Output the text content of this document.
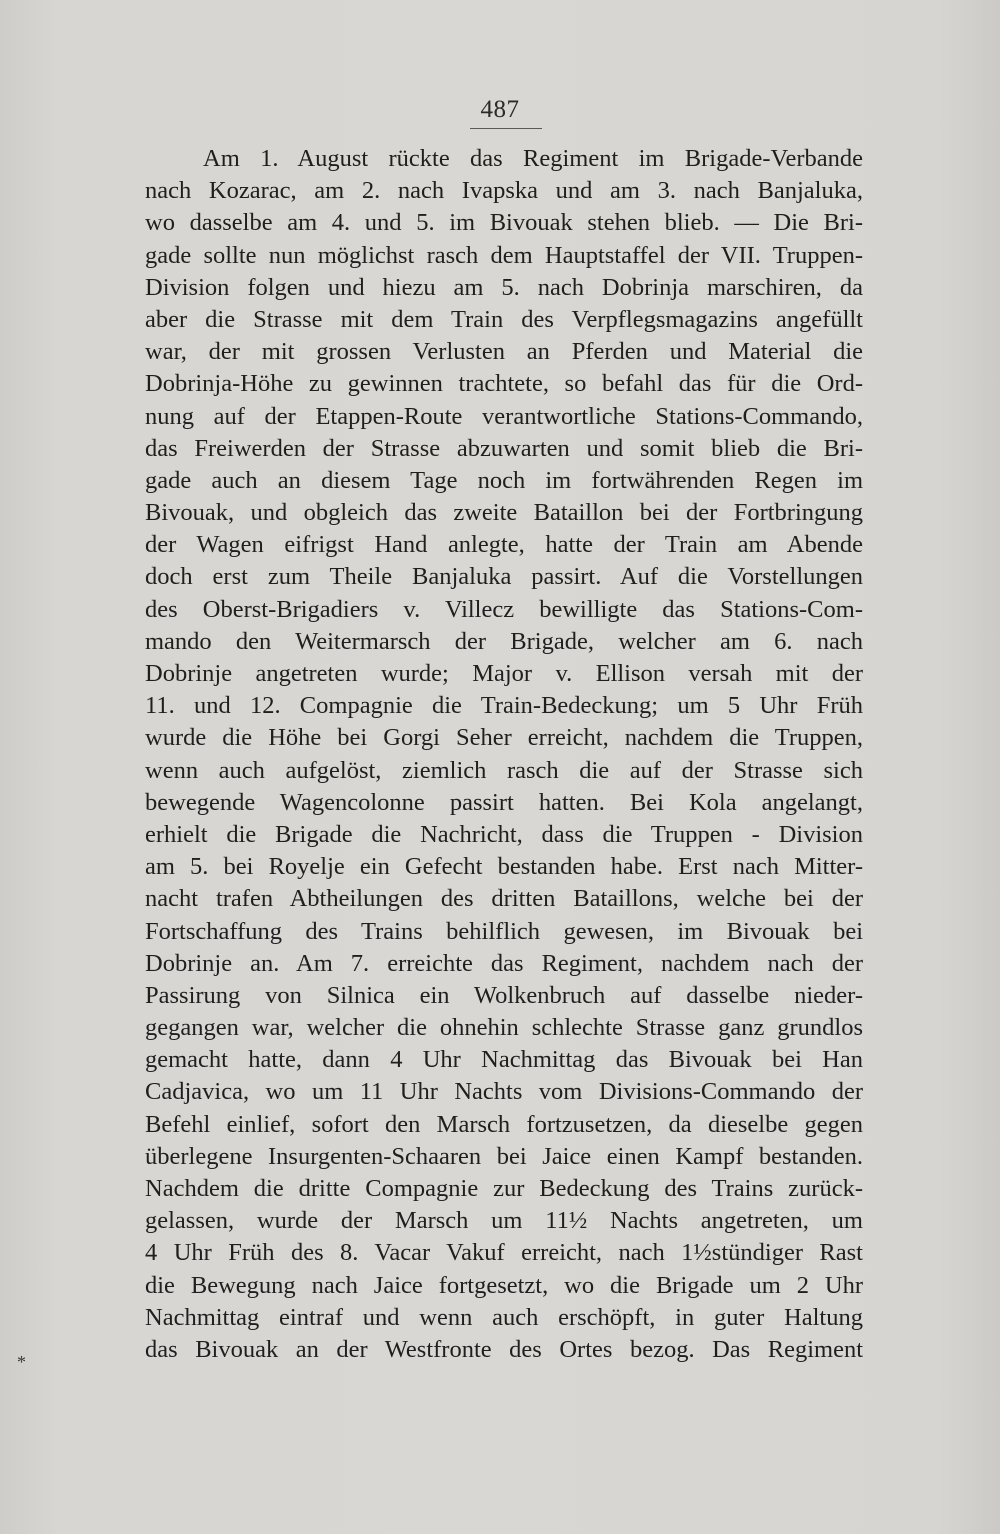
487
Am 1. August rückte das Regiment im Brigade-Verbande
nach Kozarac, am 2. nach Ivapska und am 3. nach Banjaluka,
wo dasselbe am 4. und 5. im Bivouak stehen blieb. — Die Bri-
gade sollte nun möglichst rasch dem Hauptstaffel der VII. Truppen-
Division folgen und hiezu am 5. nach Dobrinja marschiren, da
aber die Strasse mit dem Train des Verpflegsmagazins angefüllt
war, der mit grossen Verlusten an Pferden und Material die
Dobrinja-Höhe zu gewinnen trachtete, so befahl das für die Ord-
nung auf der Etappen-Route verantwortliche Stations-Commando,
das Freiwerden der Strasse abzuwarten und somit blieb die Bri-
gade auch an diesem Tage noch im fortwährenden Regen im
Bivouak, und obgleich das zweite Bataillon bei der Fortbringung
der Wagen eifrigst Hand anlegte, hatte der Train am Abende
doch erst zum Theile Banjaluka passirt. Auf die Vorstellungen
des Oberst-Brigadiers v. Villecz bewilligte das Stations-Com-
mando den Weitermarsch der Brigade, welcher am 6. nach
Dobrinje angetreten wurde; Major v. Ellison versah mit der
11. und 12. Compagnie die Train-Bedeckung; um 5 Uhr Früh
wurde die Höhe bei Gorgi Seher erreicht, nachdem die Truppen,
wenn auch aufgelöst, ziemlich rasch die auf der Strasse sich
bewegende Wagencolonne passirt hatten. Bei Kola angelangt,
erhielt die Brigade die Nachricht, dass die Truppen - Division
am 5. bei Royelje ein Gefecht bestanden habe. Erst nach Mitter-
nacht trafen Abtheilungen des dritten Bataillons, welche bei der
Fortschaffung des Trains behilflich gewesen, im Bivouak bei
Dobrinje an. Am 7. erreichte das Regiment, nachdem nach der
Passirung von Silnica ein Wolkenbruch auf dasselbe nieder-
gegangen war, welcher die ohnehin schlechte Strasse ganz grundlos
gemacht hatte, dann 4 Uhr Nachmittag das Bivouak bei Han
Cadjavica, wo um 11 Uhr Nachts vom Divisions-Commando der
Befehl einlief, sofort den Marsch fortzusetzen, da dieselbe gegen
überlegene Insurgenten-Schaaren bei Jaice einen Kampf bestanden.
Nachdem die dritte Compagnie zur Bedeckung des Trains zurück-
gelassen, wurde der Marsch um 11½ Nachts angetreten, um
4 Uhr Früh des 8. Vacar Vakuf erreicht, nach 1½stündiger Rast
die Bewegung nach Jaice fortgesetzt, wo die Brigade um 2 Uhr
Nachmittag eintraf und wenn auch erschöpft, in guter Haltung
das Bivouak an der Westfronte des Ortes bezog. Das Regiment
*
